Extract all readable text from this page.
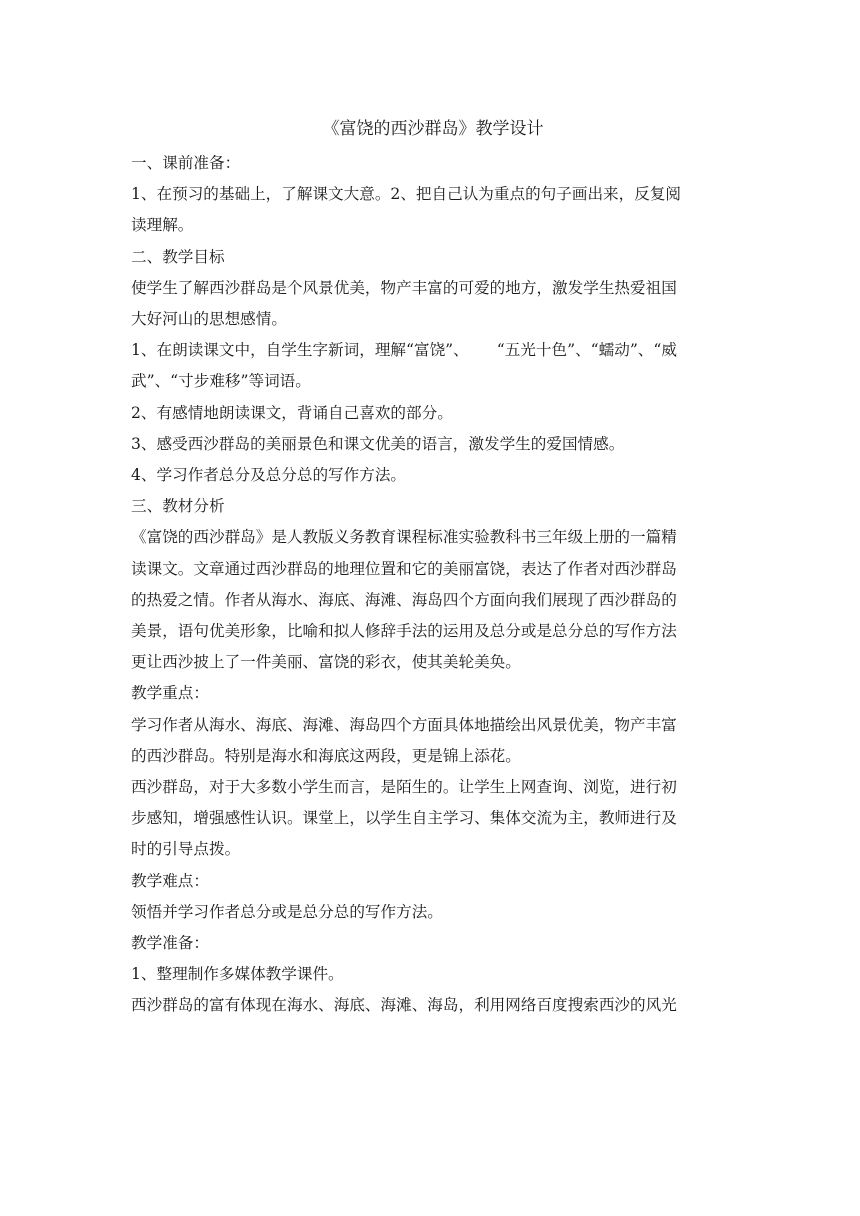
《富饶的西沙群岛》教学设计

一、课前准备：

1、在预习的基础上，了解课文大意。2、把自己认为重点的句子画出来，反复阅

读理解。

二、教学目标

使学生了解西沙群岛是个风景优美，物产丰富的可爱的地方，激发学生热爱祖国

大好河山的思想感情。

1、在朗读课文中，自学生字新词，理解“富饶”、 “五光十色”、“蠕动”、“威

武”、“寸步难移”等词语。

2、有感情地朗读课文，背诵自己喜欢的部分。

3、感受西沙群岛的美丽景色和课文优美的语言，激发学生的爱国情感。

4、学习作者总分及总分总的写作方法。

三、教材分析

《富饶的西沙群岛》是人教版义务教育课程标准实验教科书三年级上册的一篇精

读课文。文章通过西沙群岛的地理位置和它的美丽富饶，表达了作者对西沙群岛

的热爱之情。作者从海水、海底、海滩、海岛四个方面向我们展现了西沙群岛的

美景，语句优美形象，比喻和拟人修辞手法的运用及总分或是总分总的写作方法

更让西沙披上了一件美丽、富饶的彩衣，使其美轮美奂。

教学重点：

学习作者从海水、海底、海滩、海岛四个方面具体地描绘出风景优美，物产丰富

的西沙群岛。特别是海水和海底这两段，更是锦上添花。

西沙群岛，对于大多数小学生而言，是陌生的。让学生上网查询、浏览，进行初

步感知，增强感性认识。课堂上，以学生自主学习、集体交流为主，教师进行及

时的引导点拨。

教学难点：

领悟并学习作者总分或是总分总的写作方法。

教学准备：

1、整理制作多媒体教学课件。

西沙群岛的富有体现在海水、海底、海滩、海岛，利用网络百度搜索西沙的风光
